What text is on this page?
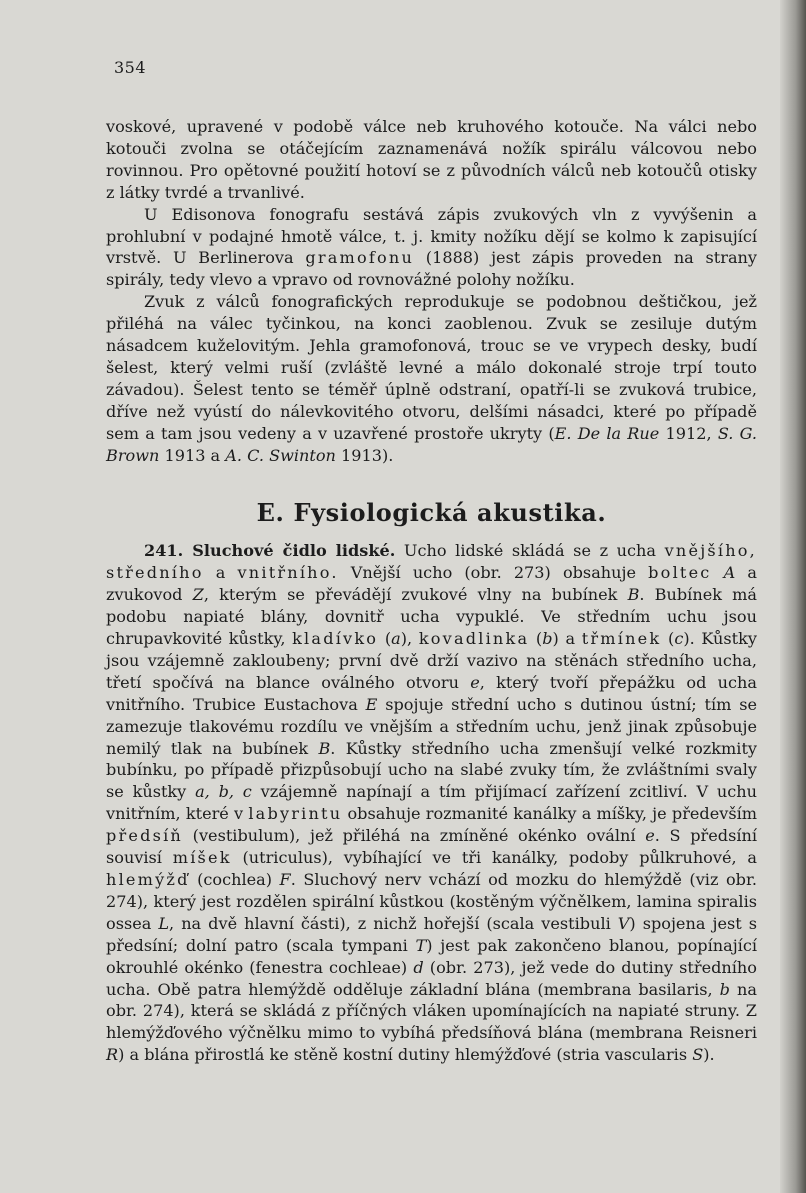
354

voskové, upravené v podobě válce neb kruhového kotouče. Na válci nebo kotouči zvolna se otáčejícím zaznamenává nožík spirálu válcovou nebo rovinnou. Pro opětovné použití hotoví se z původních válců neb kotoučů otisky z látky tvrdé a trvanlivé.

U Edisonova fonografu sestává zápis zvukových vln z vyvýšenin a prohlubní v podajné hmotě válce, t. j. kmity nožíku dějí se kolmo k zapisující vrstvě. U Berlinerova gramofonu (1888) jest zápis proveden na strany spirály, tedy vlevo a vpravo od rovnovážné polohy nožíku.

Zvuk z válců fonografických reprodukuje se podobnou deštičkou, jež přiléhá na válec tyčinkou, na konci zaoblenou. Zvuk se zesiluje dutým násadcem kuželovitým. Jehla gramofonová, trouc se ve vrypech desky, budí šelest, který velmi ruší (zvláště levné a málo dokonalé stroje trpí touto závadou). Šelest tento se téměř úplně odstraní, opatří-li se zvuková trubice, dříve než vyústí do nálevkovitého otvoru, delšími násadci, které po případě sem a tam jsou vedeny a v uzavřené prostoře ukryty (E. De la Rue 1912, S. G. Brown 1913 a A. C. Swinton 1913).

E. Fysiologická akustika.

241. Sluchové čidlo lidské. Ucho lidské skládá se z ucha vnějšího, středního a vnitřního. Vnější ucho (obr. 273) obsahuje boltec A a zvukovod Z, kterým se převádějí zvukové vlny na bubínek B. Bubínek má podobu napiaté blány, dovnitř ucha vypuklé. Ve středním uchu jsou chrupavkovité kůstky, kladívko (a), kovadlinka (b) a třmínek (c). Kůstky jsou vzájemně zakloubeny; první dvě drží vazivo na stěnách středního ucha, třetí spočívá na blance oválného otvoru e, který tvoří přepážku od ucha vnitřního. Trubice Eustachova E spojuje střední ucho s dutinou ústní; tím se zamezuje tlakovému rozdílu ve vnějším a středním uchu, jenž jinak způsobuje nemilý tlak na bubínek B. Kůstky středního ucha zmenšují velké rozkmity bubínku, po případě přizpůsobují ucho na slabé zvuky tím, že zvláštními svaly se kůstky a, b, c vzájemně napínají a tím přijímací zařízení zcitliví. V uchu vnitřním, které v labyrintu obsahuje rozmanité kanálky a míšky, je především předsíň (vestibulum), jež přiléhá na zmíněné okénko ovální e. S předsíní souvisí míšek (utriculus), vybíhající ve tři kanálky, podoby půlkruhové, a hlemýžď (cochlea) F. Sluchový nerv vchází od mozku do hlemýždě (viz obr. 274), který jest rozdělen spirální kůstkou (kostěným výčnělkem, lamina spiralis ossea L, na dvě hlavní části), z nichž hořejší (scala vestibuli V) spojena jest s předsíní; dolní patro (scala tympani T) jest pak zakončeno blanou, popínající okrouhlé okénko (fenestra cochleae) d (obr. 273), jež vede do dutiny středního ucha. Obě patra hlemýždě odděluje základní blána (membrana basilaris, b na obr. 274), která se skládá z příčných vláken upomínajících na napiaté struny. Z hlemýžďového výčnělku mimo to vybíhá předsíňová blána (membrana Reisneri R) a blána přirostlá ke stěně kostní dutiny hlemýžďové (stria vascularis S).
